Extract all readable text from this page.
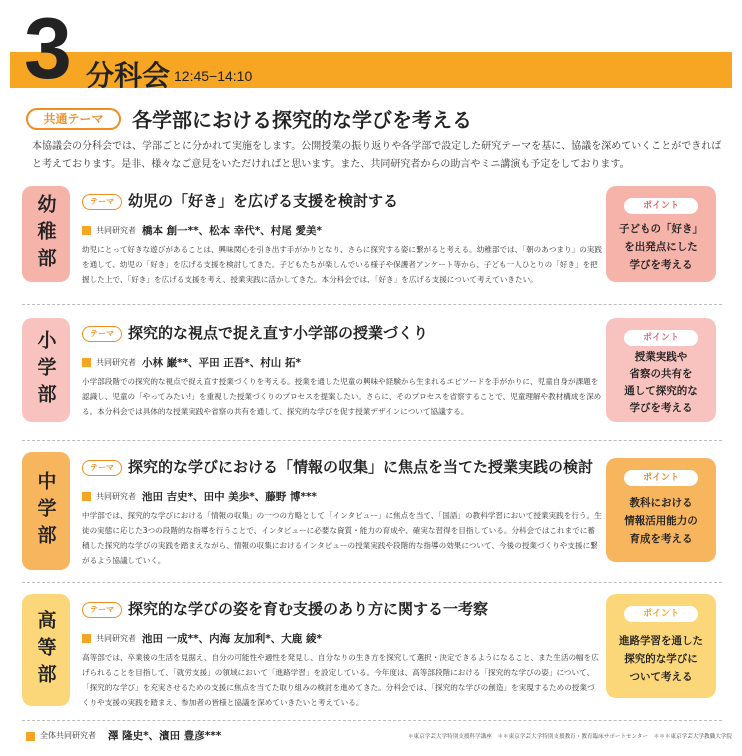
3 分科会 12:45−14:10
共通テーマ	各学部における探究的な学びを考える
本協議会の分科会では、学部ごとに分かれて実施をします。公開授業の振り返りや各学部で設定した研究テーマを基に、協議を深めていくことができればと考えております。是非、様々なご意見をいただければと思います。また、共同研究者からの助言やミニ講演も予定をしております。
幼稚部	テーマ 幼児の「好き」を広げる支援を検討する
共同研究者 橋本 創一**、松本 幸代*、村尾 愛美*
幼児にとって好きな遊びがあることは、興味関心を引き出す手がかりとなり、さらに探究する姿に繋がると考える。幼稚部では、「朝のあつまり」の実践を通して、幼児の「好き」を広げる支援を検討してきた。子どもたちが楽しんでいる様子や保護者アンケート等から、子ども一人ひとりの「好き」を把握した上で、「好き」を広げる支援を考え、授業実践に活かしてきた。本分科会では、「好き」を広げる支援について考えていきたい。
ポイント
子どもの「好き」
を出発点にした
学びを考える
小学部	テーマ 探究的な視点で捉え直す小学部の授業づくり
共同研究者 小林 巌**、平田 正吾*、村山 拓*
小学部段階での探究的な視点で捉え直す授業づくりを考える。授業を通した児童の興味や経験から生まれるエピソードを手がかりに、児童自身が課題を認識し、児童の「やってみたい!」を重視した授業づくりのプロセスを提案したい。さらに、そのプロセスを省察することで、児童理解や教材構成を深める。本分科会では具体的な授業実践や省察の共有を通して、探究的な学びを促す授業デザインについて協議する。
ポイント
授業実践や
省察の共有を
通して探究的な
学びを考える
中学部
テーマ 探究的な学びにおける「情報の収集」に焦点を当てた授業実践の検討
共同研究者 池田 吉史*、田中 美歩*、藤野 博***
中学部では、探究的な学びにおける「情報の収集」の一つの方略として「インタビュー」に焦点を当て、「国語」の教科学習において授業実践を行う。生徒の実態に応じた3つの段階的な指導を行うことで、インタビューに必要な資質・能力の育成や、確実な習得を目指している。分科会ではこれまでに蓄積した探究的な学びの実践を踏まえながら、情報の収集におけるインタビューの授業実践や段階的な指導の効果について、今後の授業づくりや支援に繋がるよう協議していく。
ポイント
教科における
情報活用能力の
育成を考える
高等部	テーマ 探究的な学びの姿を育む支援のあり方に関する一考察
共同研究者 池田 一成**、内海 友加利*、大鹿 綾*
高等部では、卒業後の生活を見据え、自分の可能性や適性を発見し、自分なりの生き方を探究して選択・決定できるようになること、また生活の幅を広げられることを目指して、「就労支援」の領域において「進路学習」を設定している。今年度は、高等部段階における「探究的な学びの姿」について、「探究的な学び」を充実させるための支援に焦点を当てた取り組みの検討を進めてきた。分科会では、「探究的な学びの創造」を実現するための授業づくりや支援の実践を踏まえ、参加者の皆様と協議を深めていきたいと考えている。
ポイント
進路学習を通した
探究的な学びに
ついて考える
全体共同研究者 澤 隆史*、濱田 豊彦***	＊東京学芸大学特別支援科学講座　＊＊東京学芸大学特別支援教育・教育臨床サポートセンター　＊＊＊東京学芸大学教職大学院
